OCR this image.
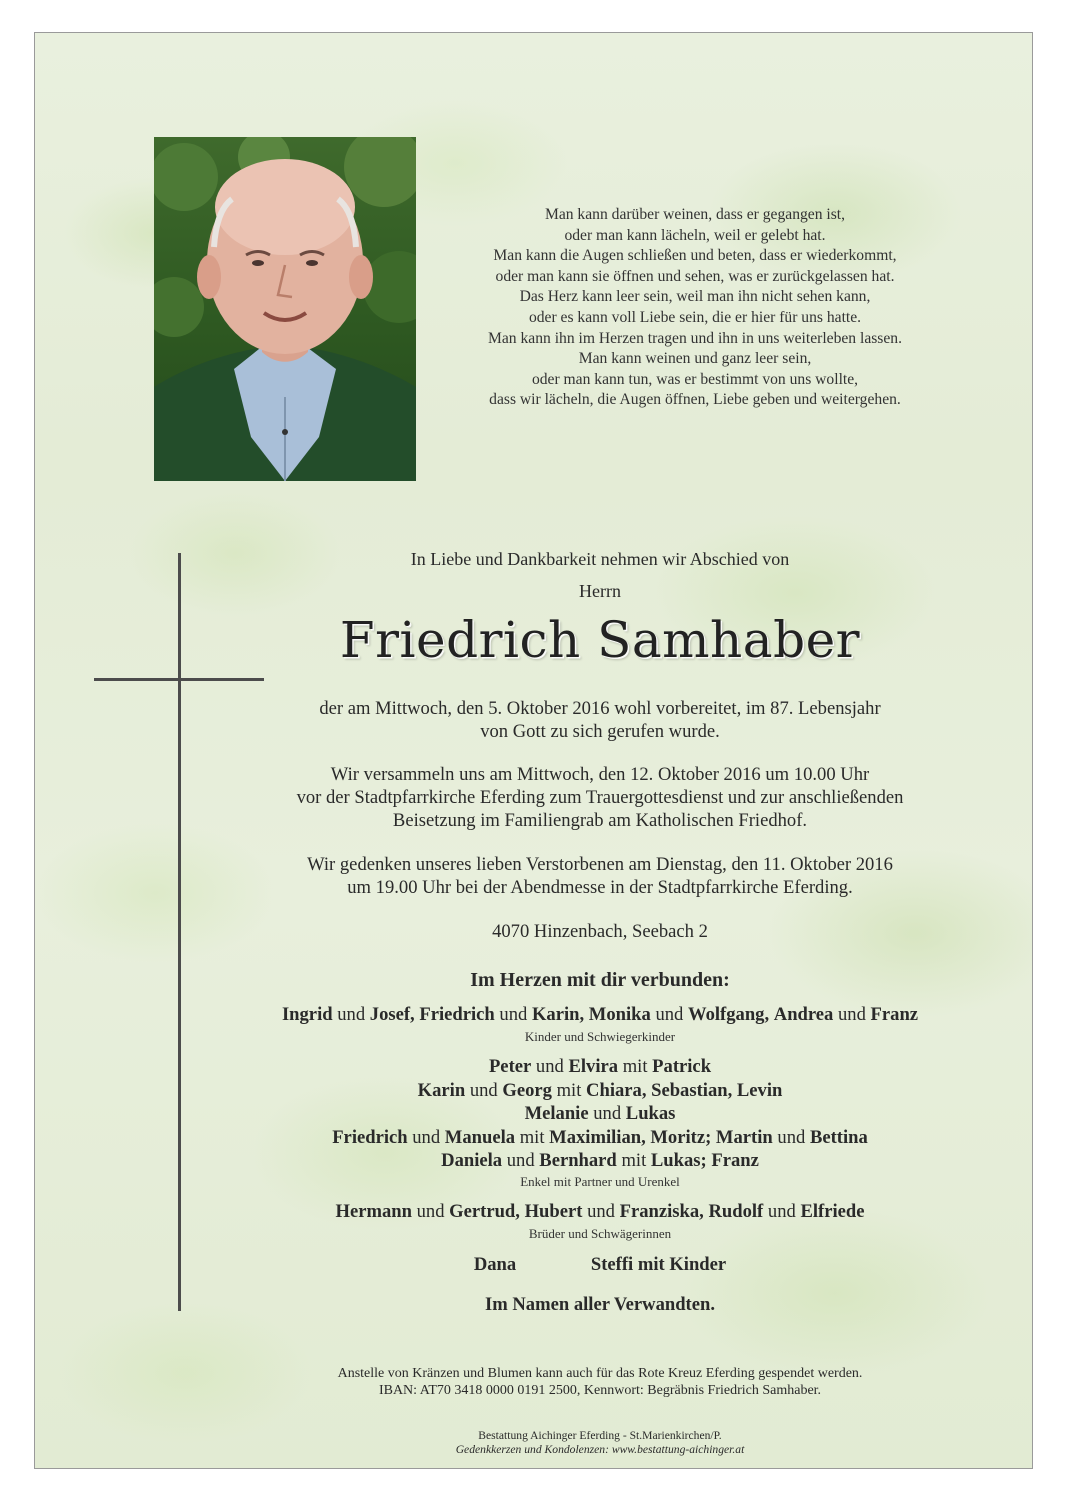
Man kann darüber weinen, dass er gegangen ist,
oder man kann lächeln, weil er gelebt hat.
Man kann die Augen schließen und beten, dass er wiederkommt,
oder man kann sie öffnen und sehen, was er zurückgelassen hat.
Das Herz kann leer sein, weil man ihn nicht sehen kann,
oder es kann voll Liebe sein, die er hier für uns hatte.
Man kann ihn im Herzen tragen und ihn in uns weiterleben lassen.
Man kann weinen und ganz leer sein,
oder man kann tun, was er bestimmt von uns wollte,
dass wir lächeln, die Augen öffnen, Liebe geben und weitergehen.
In Liebe und Dankbarkeit nehmen wir Abschied von
Herrn
Friedrich Samhaber
der am Mittwoch, den 5. Oktober 2016 wohl vorbereitet, im 87. Lebensjahr
von Gott zu sich gerufen wurde.
Wir versammeln uns am Mittwoch, den 12. Oktober 2016 um 10.00 Uhr
vor der Stadtpfarrkirche Eferding zum Trauergottesdienst und zur anschließenden
Beisetzung im Familiengrab am Katholischen Friedhof.
Wir gedenken unseres lieben Verstorbenen am Dienstag, den 11. Oktober 2016
um 19.00 Uhr bei der Abendmesse in der Stadtpfarrkirche Eferding.
4070 Hinzenbach, Seebach 2
Im Herzen mit dir verbunden:
Ingrid und Josef, Friedrich und Karin, Monika und Wolfgang, Andrea und Franz
Kinder und Schwiegerkinder
Peter und Elvira mit Patrick
Karin und Georg mit Chiara, Sebastian, Levin
Melanie und Lukas
Friedrich und Manuela mit Maximilian, Moritz; Martin und Bettina
Daniela und Bernhard mit Lukas; Franz
Enkel mit Partner und Urenkel
Hermann und Gertrud, Hubert und Franziska, Rudolf und Elfriede
Brüder und Schwägerinnen
Dana	Steffi mit Kinder
Im Namen aller Verwandten.
Anstelle von Kränzen und Blumen kann auch für das Rote Kreuz Eferding gespendet werden.
IBAN: AT70 3418 0000 0191 2500, Kennwort: Begräbnis Friedrich Samhaber.
Bestattung Aichinger Eferding - St.Marienkirchen/P.
Gedenkkerzen und Kondolenzen: www.bestattung-aichinger.at
